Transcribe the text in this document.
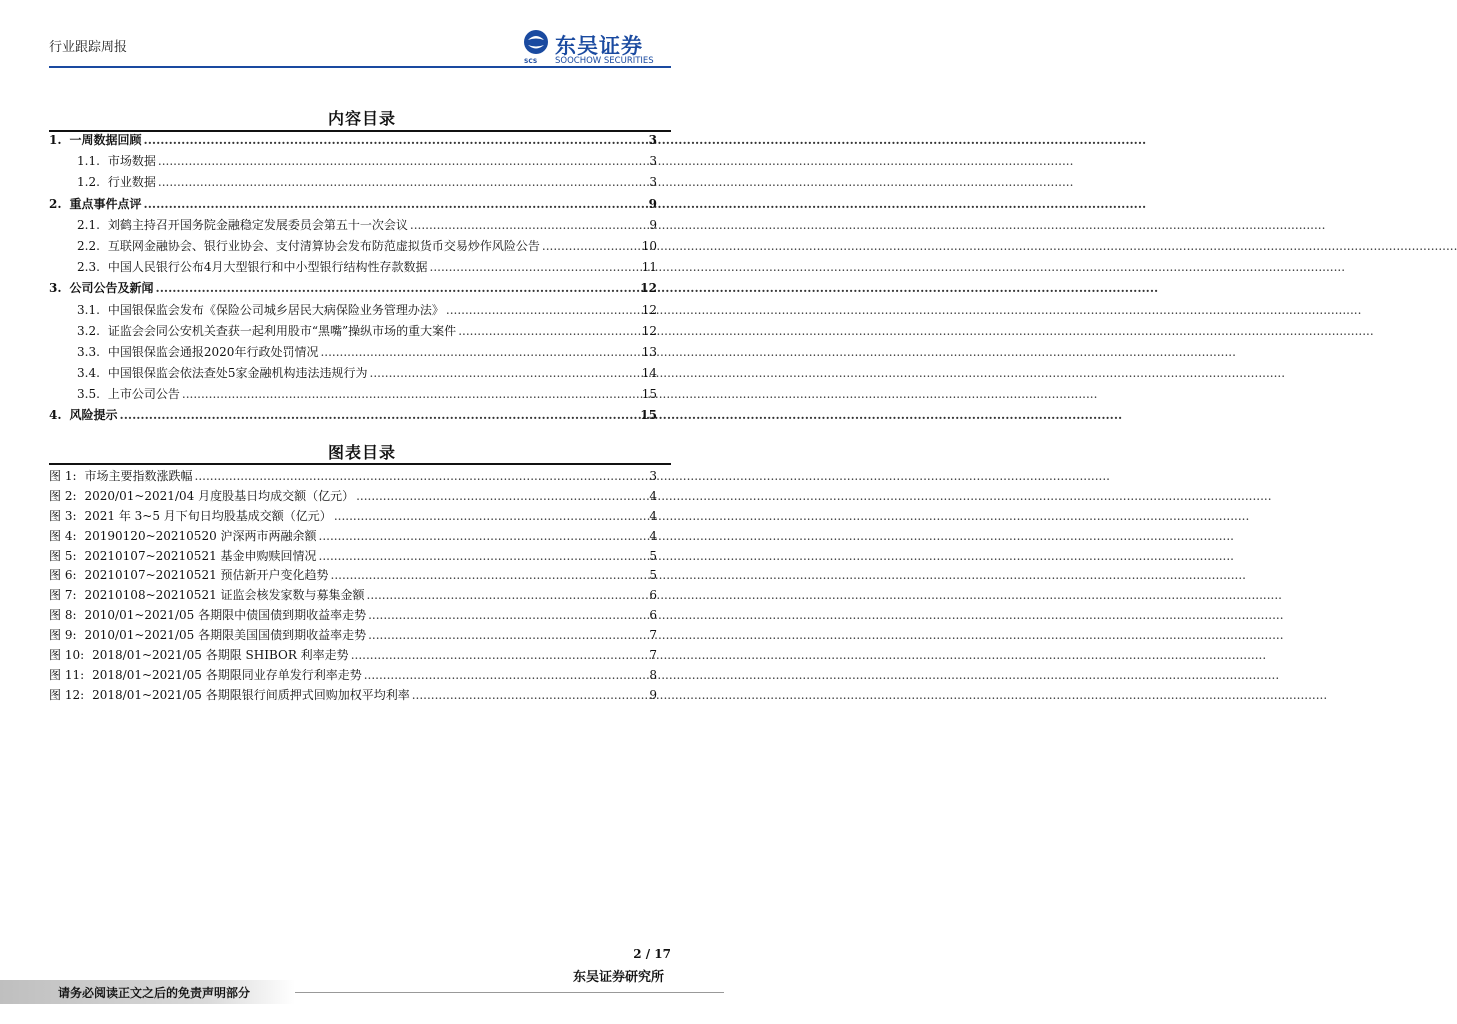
行业跟踪周报
SCS
东吴证券
SOOCHOW SECURITIES
内容目录
1. 一周数据回顾 .....	3
1.1. 市场数据 .....	3
1.2. 行业数据 .....	3
2. 重点事件点评 .....	9
2.1. 刘鹤主持召开国务院金融稳定发展委员会第五十一次会议 .....	9
2.2. 互联网金融协会、银行业协会、支付清算协会发布防范虚拟货币交易炒作风险公告 .....	10
2.3. 中国人民银行公布4月大型银行和中小型银行结构性存款数据 .....	11
3. 公司公告及新闻 .....	12
3.1. 中国银保监会发布《保险公司城乡居民大病保险业务管理办法》 .....	12
3.2. 证监会会同公安机关查获一起利用股市“黑嘴”操纵市场的重大案件 .....	12
3.3. 中国银保监会通报2020年行政处罚情况 .....	13
3.4. 中国银保监会依法查处5家金融机构违法违规行为 .....	14
3.5. 上市公司公告 .....	15
4. 风险提示 .....	15
图表目录
图 1: 市场主要指数涨跌幅 .....	3
图 2: 2020/01~2021/04 月度股基日均成交额（亿元） .....	4
图 3: 2021 年 3~5 月下旬日均股基成交额（亿元） .....	4
图 4: 20190120~20210520 沪深两市两融余额 .....	4
图 5: 20210107~20210521 基金申购赎回情况 .....	5
图 6: 20210107~20210521 预估新开户变化趋势 .....	5
图 7: 20210108~20210521 证监会核发家数与募集金额 .....	6
图 8: 2010/01~2021/05 各期限中债国债到期收益率走势 .....	6
图 9: 2010/01~2021/05 各期限美国国债到期收益率走势 .....	7
图 10: 2018/01~2021/05 各期限 SHIBOR 利率走势 .....	7
图 11: 2018/01~2021/05 各期限同业存单发行利率走势 .....	8
图 12: 2018/01~2021/05 各期限银行间质押式回购加权平均利率 .....	9
2 / 17
东吴证券研究所
请务必阅读正文之后的免责声明部分
